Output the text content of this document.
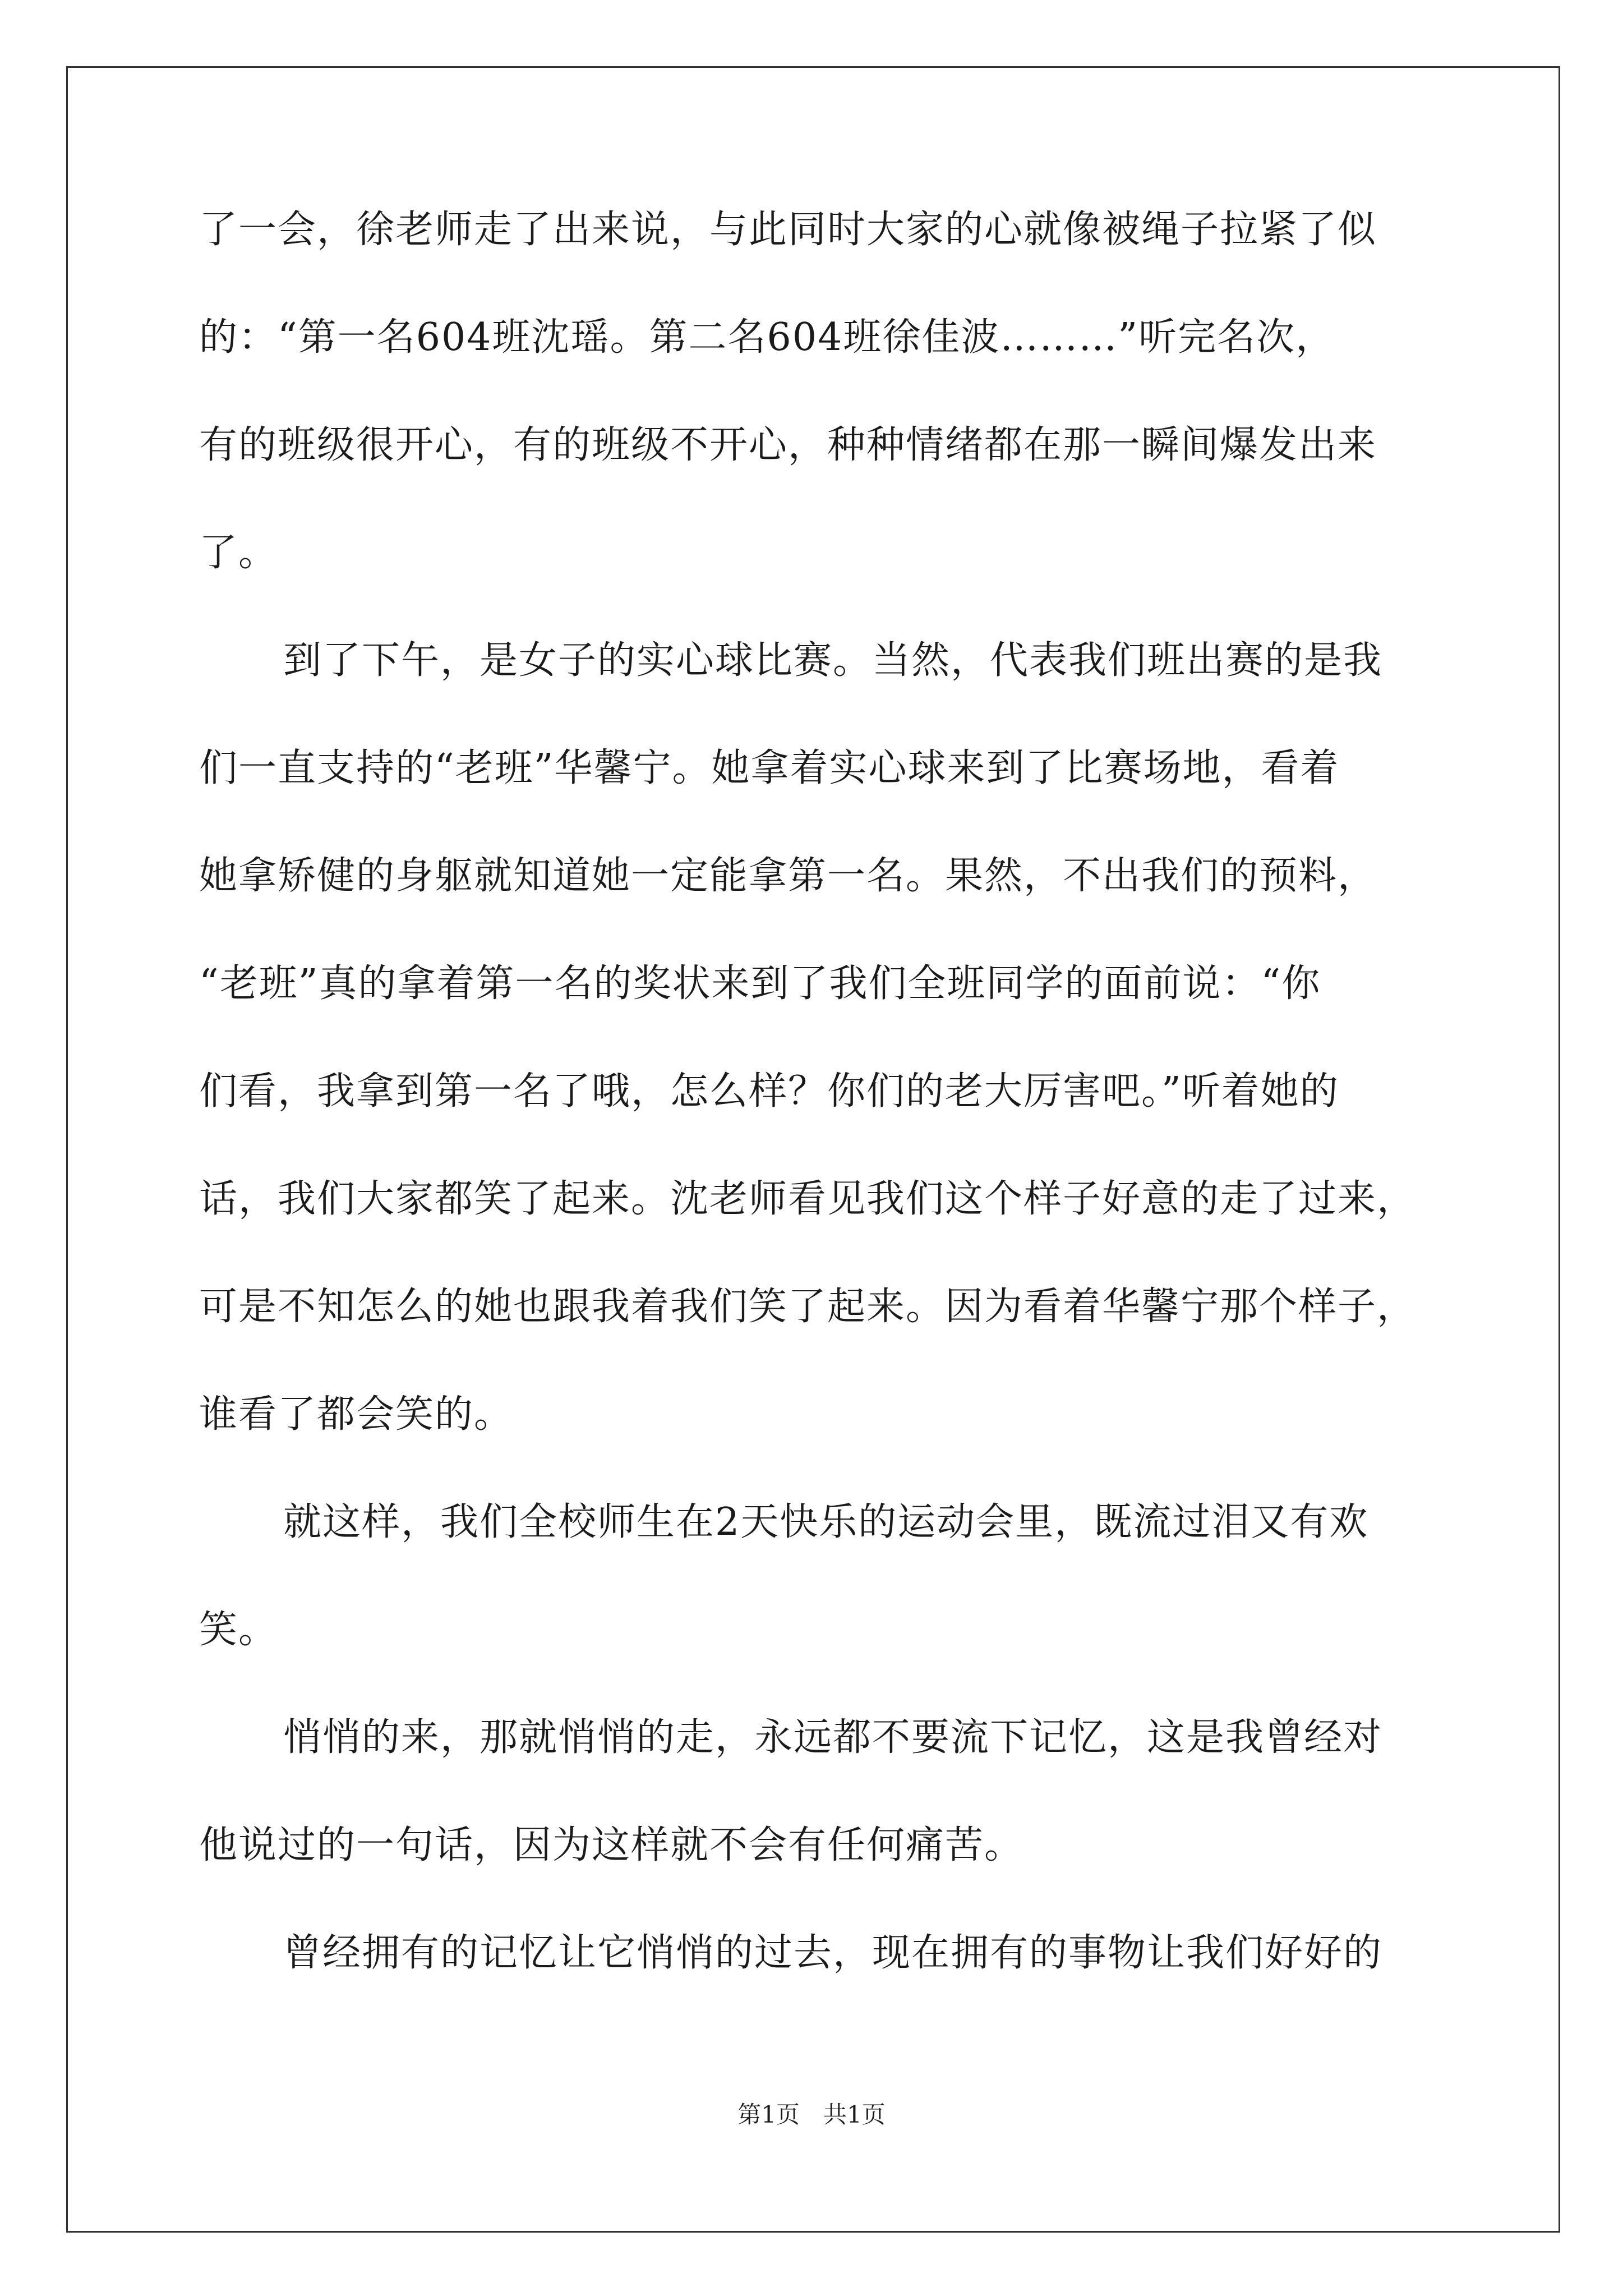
了一会，徐老师走了出来说，与此同时大家的心就像被绳子拉紧了似
的：“第一名604班沈瑶。第二名604班徐佳波………”听完名次，
有的班级很开心，有的班级不开心，种种情绪都在那一瞬间爆发出来
了。
到了下午，是女子的实心球比赛。当然，代表我们班出赛的是我
们一直支持的“老班”华馨宁。她拿着实心球来到了比赛场地，看着
她拿矫健的身躯就知道她一定能拿第一名。果然，不出我们的预料，
“老班”真的拿着第一名的奖状来到了我们全班同学的面前说：“你
们看，我拿到第一名了哦，怎么样？你们的老大厉害吧。”听着她的
话，我们大家都笑了起来。沈老师看见我们这个样子好意的走了过来，
可是不知怎么的她也跟我着我们笑了起来。因为看着华馨宁那个样子，
谁看了都会笑的。
就这样，我们全校师生在2天快乐的运动会里，既流过泪又有欢
笑。
悄悄的来，那就悄悄的走，永远都不要流下记忆，这是我曾经对
他说过的一句话，因为这样就不会有任何痛苦。
曾经拥有的记忆让它悄悄的过去，现在拥有的事物让我们好好的
第1页　共1页
